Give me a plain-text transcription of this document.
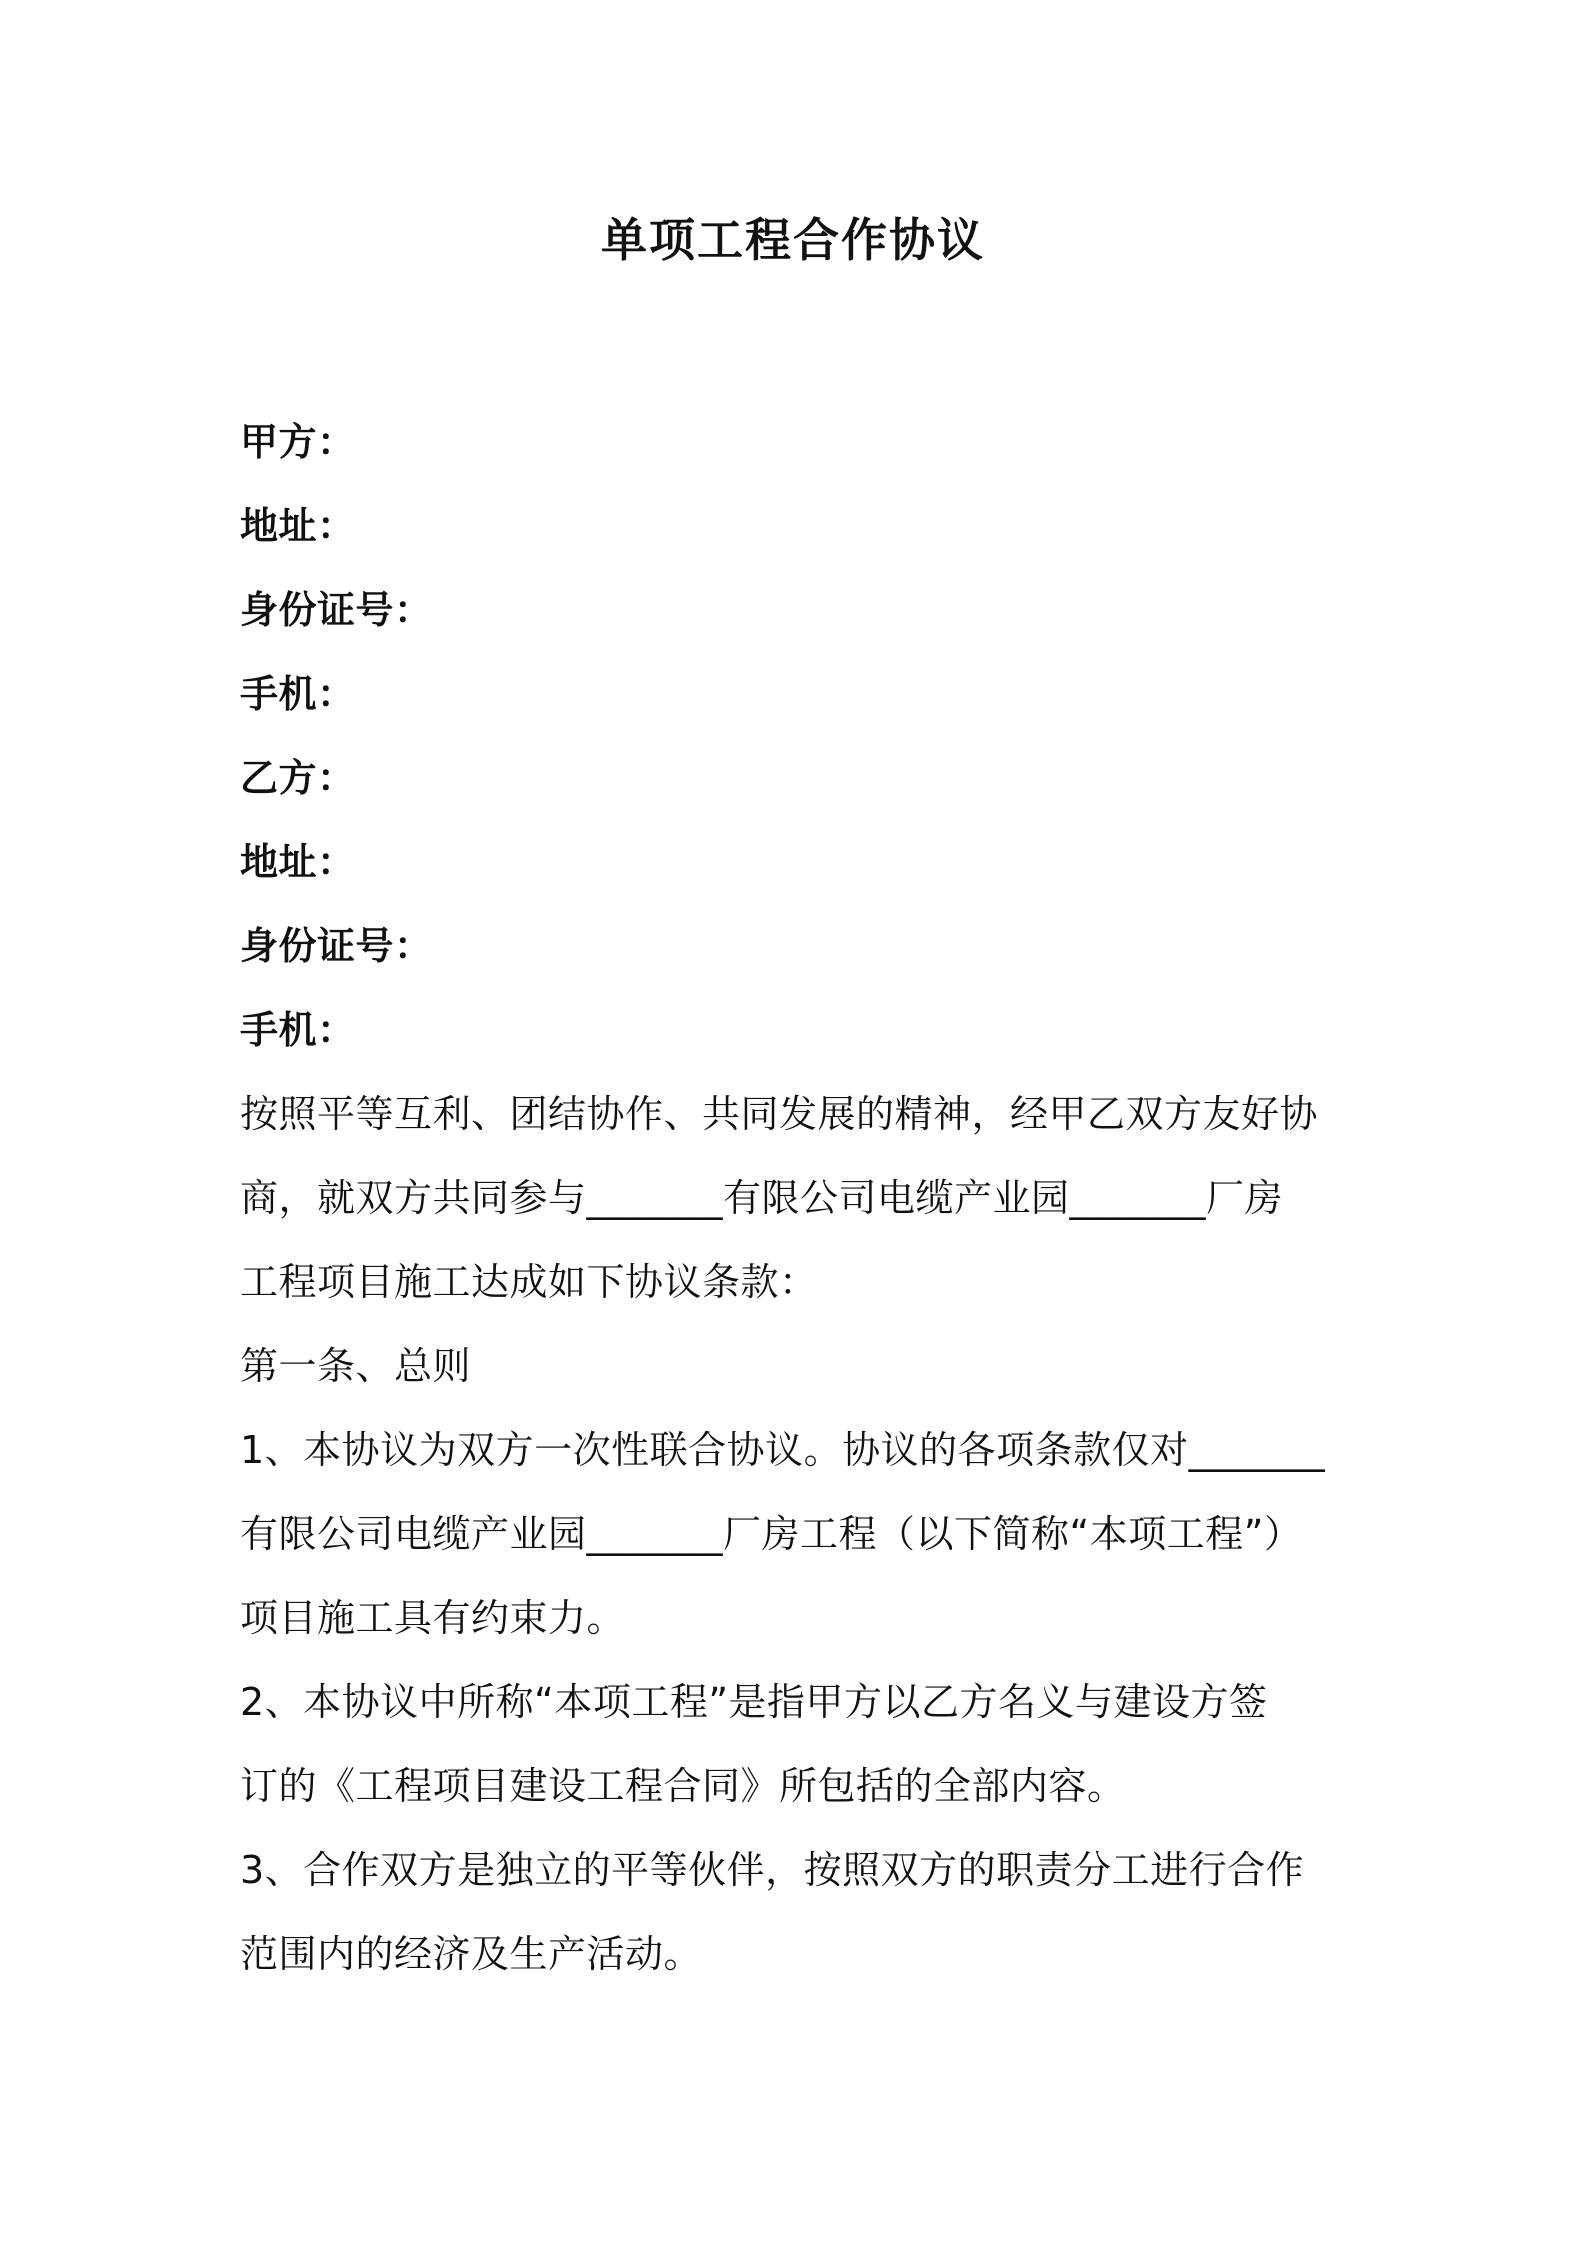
单项工程合作协议
甲方：
地址：
身份证号：
手机：
乙方：
地址：
身份证号：
手机：
按照平等互利、团结协作、共同发展的精神，经甲乙双方友好协
商，就双方共同参与_______有限公司电缆产业园_______厂房
工程项目施工达成如下协议条款：
第一条、总则
1、本协议为双方一次性联合协议。协议的各项条款仅对_______
有限公司电缆产业园_______厂房工程（以下简称“本项工程”）
项目施工具有约束力。
2、本协议中所称“本项工程”是指甲方以乙方名义与建设方签
订的《工程项目建设工程合同》所包括的全部内容。
3、合作双方是独立的平等伙伴，按照双方的职责分工进行合作
范围内的经济及生产活动。
